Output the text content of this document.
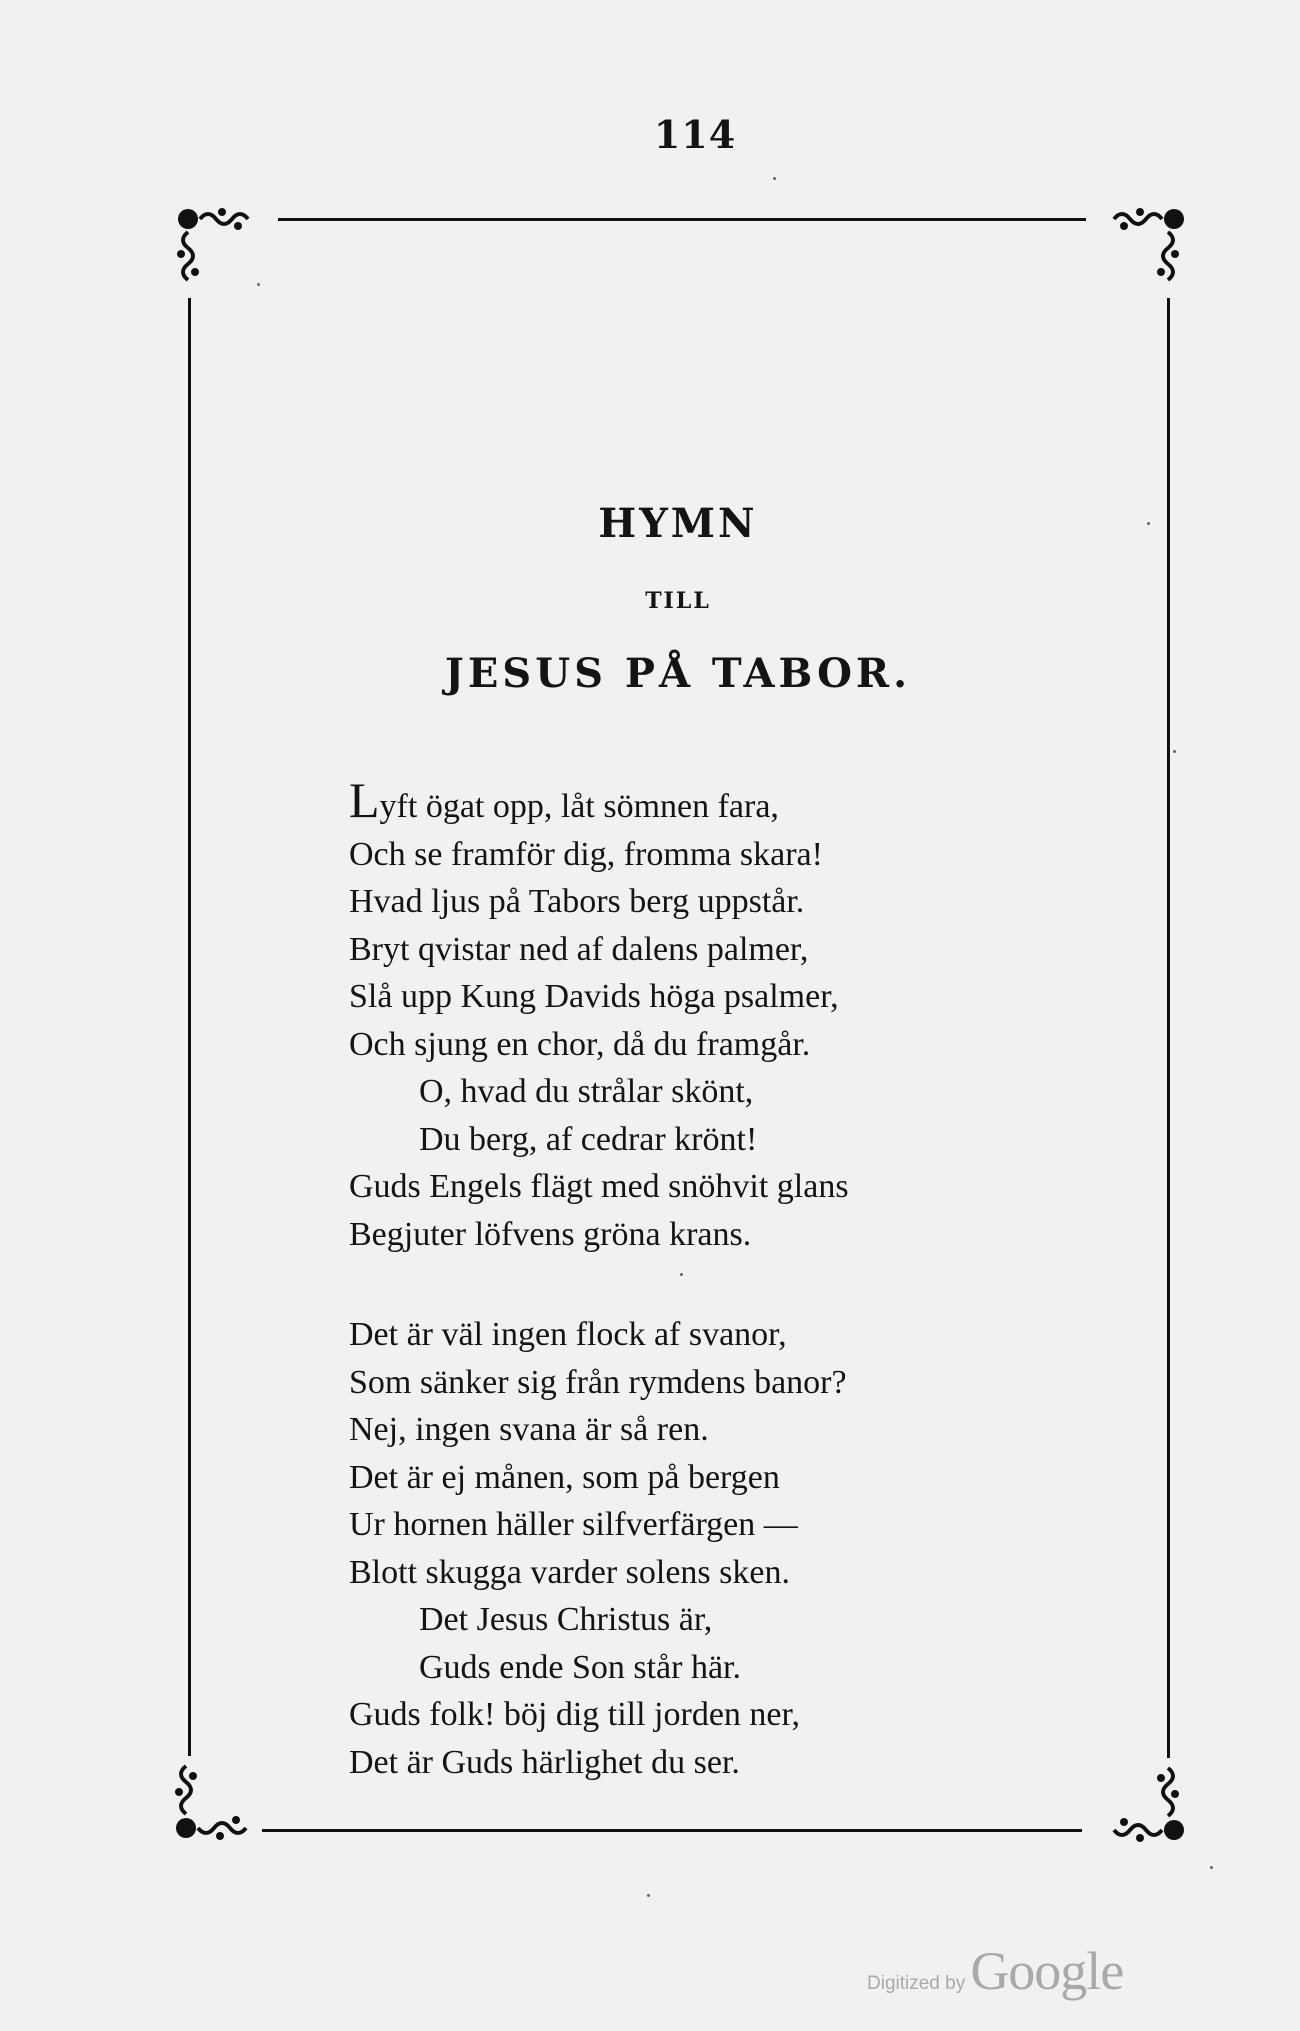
114
HYMN
TILL
JESUS PÅ TABOR.
Lyft ögat opp, låt sömnen fara,
Och se framför dig, fromma skara!
Hvad ljus på Tabors berg uppstår.
Bryt qvistar ned af dalens palmer,
Slå upp Kung Davids höga psalmer,
Och sjung en chor, då du framgår.
O, hvad du strålar skönt,
Du berg, af cedrar krönt!
Guds Engels flägt med snöhvit glans
Begjuter löfvens gröna krans.
Det är väl ingen flock af svanor,
Som sänker sig från rymdens banor?
Nej, ingen svana är så ren.
Det är ej månen, som på bergen
Ur hornen häller silfverfärgen —
Blott skugga varder solens sken.
Det Jesus Christus är,
Guds ende Son står här.
Guds folk! böj dig till jorden ner,
Det är Guds härlighet du ser.
Digitized by Google
